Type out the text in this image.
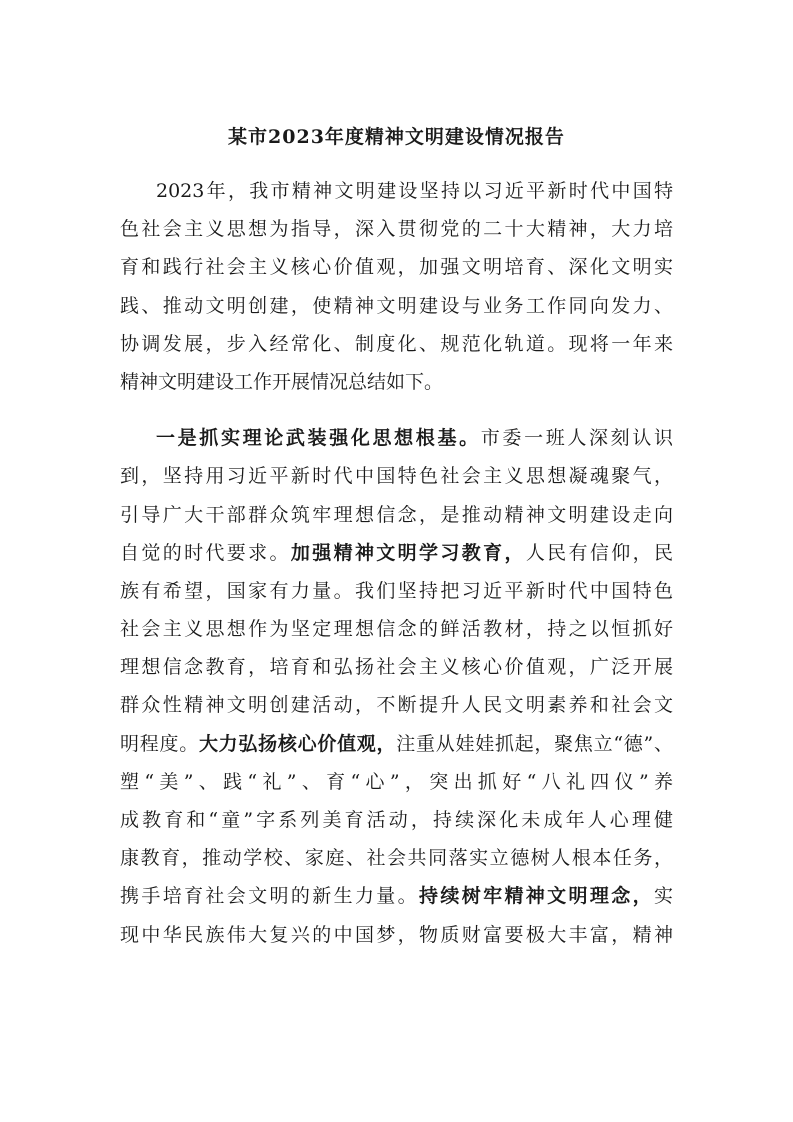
某市2023年度精神文明建设情况报告
2023年，我市精神文明建设坚持以习近平新时代中国特
色社会主义思想为指导，深入贯彻党的二十大精神，大力培
育和践行社会主义核心价值观，加强文明培育、深化文明实
践、推动文明创建，使精神文明建设与业务工作同向发力、
协调发展，步入经常化、制度化、规范化轨道。现将一年来
精神文明建设工作开展情况总结如下。
一是抓实理论武装强化思想根基。市委一班人深刻认识
到，坚持用习近平新时代中国特色社会主义思想凝魂聚气，
引导广大干部群众筑牢理想信念，是推动精神文明建设走向
自觉的时代要求。加强精神文明学习教育，人民有信仰，民
族有希望，国家有力量。我们坚持把习近平新时代中国特色
社会主义思想作为坚定理想信念的鲜活教材，持之以恒抓好
理想信念教育，培育和弘扬社会主义核心价值观，广泛开展
群众性精神文明创建活动，不断提升人民文明素养和社会文
明程度。大力弘扬核心价值观，注重从娃娃抓起，聚焦立“德”、
塑“美”、践“礼”、育“心”，突出抓好“八礼四仪”养
成教育和“童”字系列美育活动，持续深化未成年人心理健
康教育，推动学校、家庭、社会共同落实立德树人根本任务，
携手培育社会文明的新生力量。持续树牢精神文明理念，实
现中华民族伟大复兴的中国梦，物质财富要极大丰富，精神
